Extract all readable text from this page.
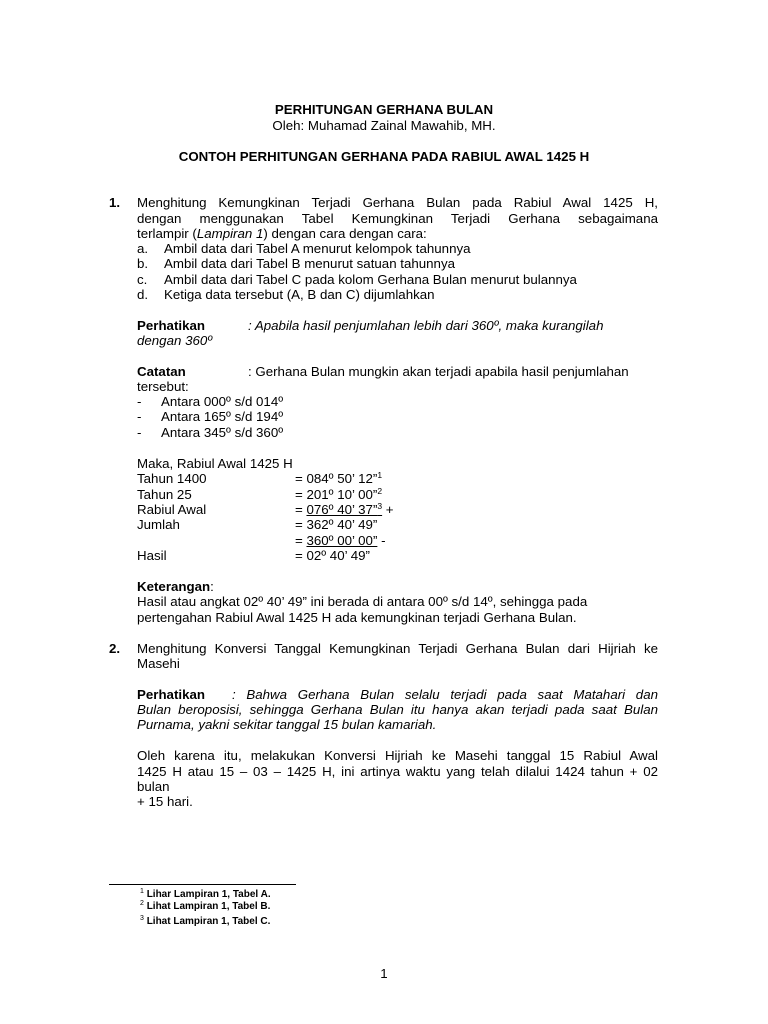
PERHITUNGAN GERHANA BULAN
Oleh: Muhamad Zainal Mawahib, MH.
CONTOH PERHITUNGAN GERHANA PADA RABIUL AWAL 1425 H
1. Menghitung Kemungkinan Terjadi Gerhana Bulan pada Rabiul Awal 1425 H,
dengan menggunakan Tabel Kemungkinan Terjadi Gerhana sebagaimana
terlampir (Lampiran 1) dengan cara dengan cara:
a. Ambil data dari Tabel A menurut kelompok tahunnya
b. Ambil data dari Tabel B menurut satuan tahunnya
c. Ambil data dari Tabel C pada kolom Gerhana Bulan menurut bulannya
d. Ketiga data tersebut (A, B dan C) dijumlahkan
Perhatikan	: Apabila hasil penjumlahan lebih dari 360º, maka kurangilah
dengan 360º
Catatan	: Gerhana Bulan mungkin akan terjadi apabila hasil penjumlahan
tersebut:
- Antara 000º s/d 014º
- Antara 165º s/d 194º
- Antara 345º s/d 360º
Maka, Rabiul Awal 1425 H
Tahun 1400	= 084º 50’ 12”$^1$
Tahun 25	= 201º 10’ 00”$^2$
Rabiul Awal	= 076º 40’ 37”$^3$ +
Jumlah	= 362º 40’ 49”
= 360º 00’ 00” -
Hasil	= 02º 40’ 49”
Keterangan:
Hasil atau angkat 02º 40’ 49” ini berada di antara 00º s/d 14º, sehingga pada
pertengahan Rabiul Awal 1425 H ada kemungkinan terjadi Gerhana Bulan.
2. Menghitung Konversi Tanggal Kemungkinan Terjadi Gerhana Bulan dari Hijriah ke
Masehi
Perhatikan : Bahwa Gerhana Bulan selalu terjadi pada saat Matahari dan
Bulan beroposisi, sehingga Gerhana Bulan itu hanya akan terjadi pada saat Bulan
Purnama, yakni sekitar tanggal 15 bulan kamariah.
Oleh karena itu, melakukan Konversi Hijriah ke Masehi tanggal 15 Rabiul Awal
1425 H atau 15 – 03 – 1425 H, ini artinya waktu yang telah dilalui 1424 tahun + 02
bulan
+ 15 hari.
$^1$ Lihar Lampiran 1, Tabel A.
$^2$ Lihat Lampiran 1, Tabel B.
$^3$ Lihat Lampiran 1, Tabel C.
1
